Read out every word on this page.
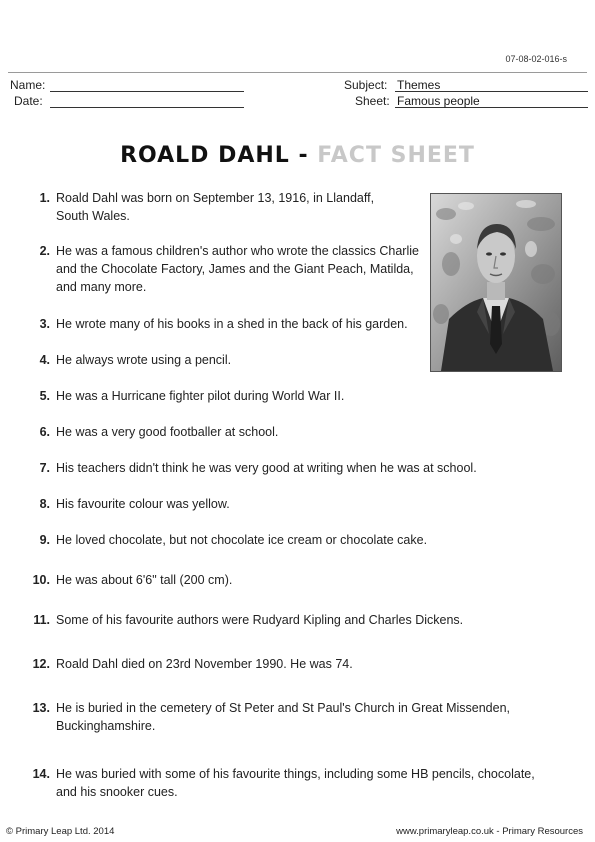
07-08-02-016-s
Name:
Date:
Subject: Themes
Sheet: Famous people
ROALD DAHL - FACT SHEET
1. Roald Dahl was born on September 13, 1916, in Llandaff, South Wales.
2. He was a famous children's author who wrote the classics Charlie and the Chocolate Factory, James and the Giant Peach, Matilda, and many more.
3. He wrote many of his books in a shed in the back of his garden.
4. He always wrote using a pencil.
5. He was a Hurricane fighter pilot during World War II.
6. He was a very good footballer at school.
7. His teachers didn't think he was very good at writing when he was at school.
8. His favourite colour was yellow.
9. He loved chocolate, but not chocolate ice cream or chocolate cake.
10. He was about 6'6" tall (200 cm).
11. Some of his favourite authors were Rudyard Kipling and Charles Dickens.
12. Roald Dahl died on 23rd November 1990. He was 74.
13. He is buried in the cemetery of St Peter and St Paul's Church in Great Missenden, Buckinghamshire.
14. He was buried with some of his favourite things, including some HB pencils, chocolate, and his snooker cues.
© Primary Leap Ltd. 2014	www.primaryleap.co.uk - Primary Resources
